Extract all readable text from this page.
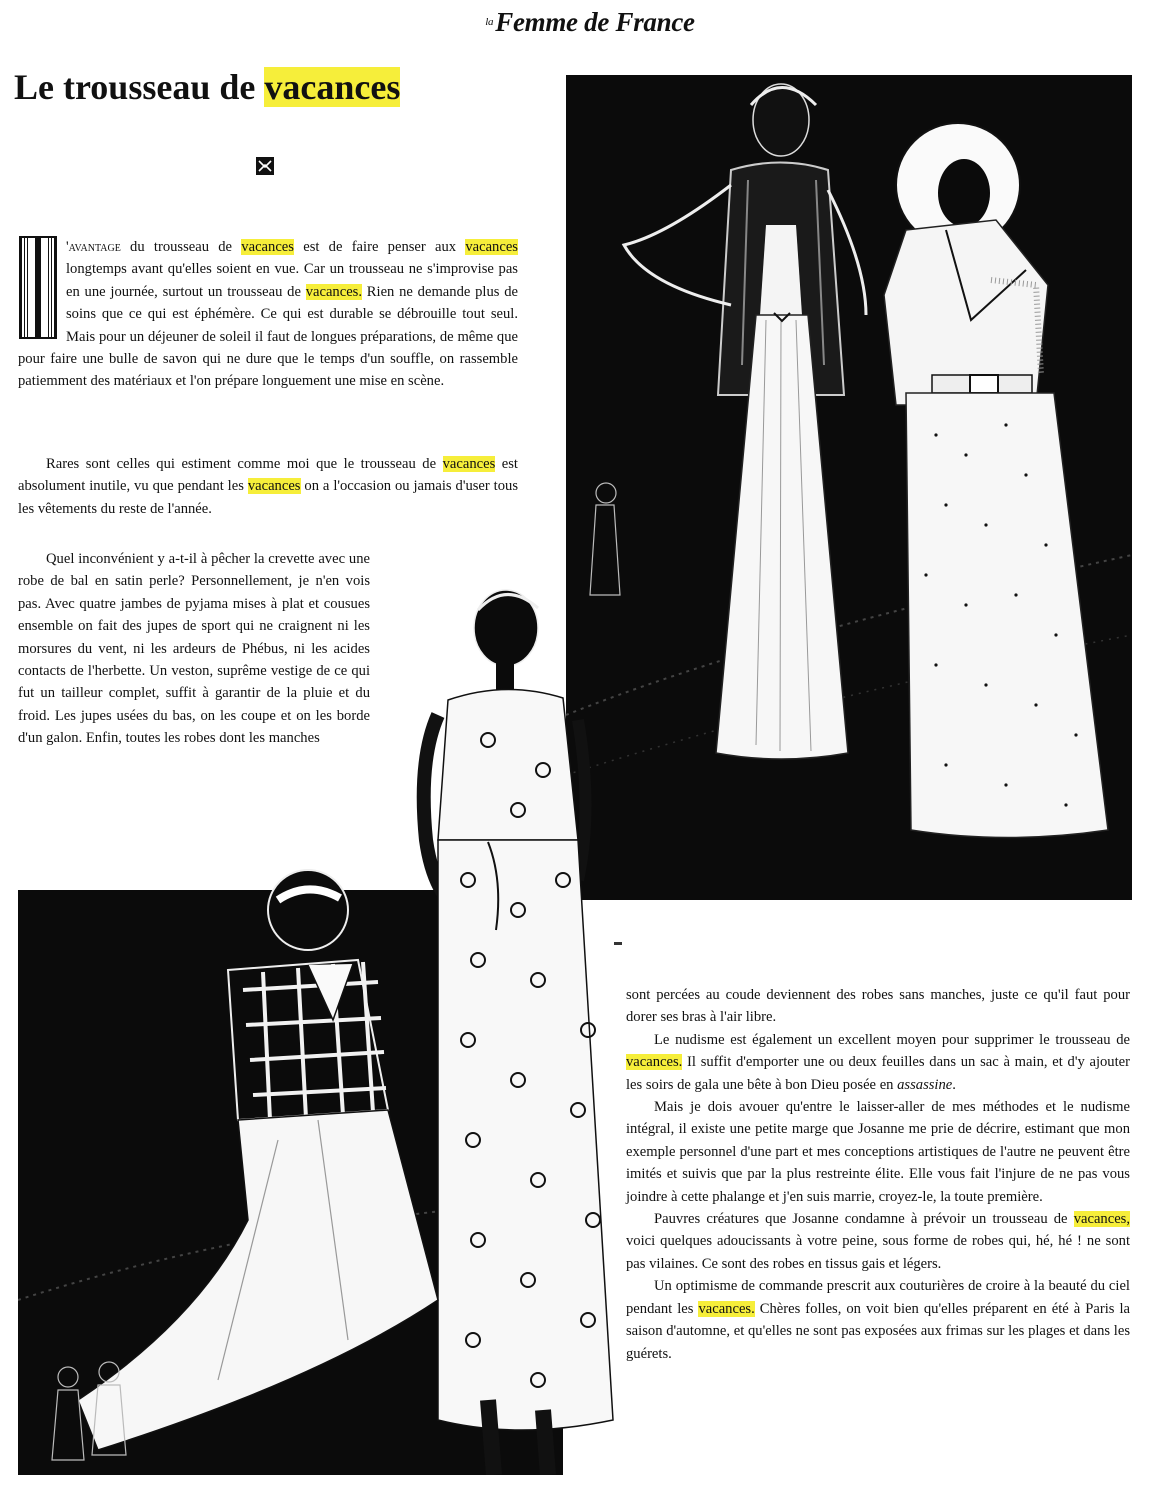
$^{la}$Femme de France
Le trousseau de vacances

'avantage du trousseau de vacances est de faire penser aux vacances longtemps avant qu'elles soient en vue. Car un trousseau ne s'improvise pas en une journée, surtout un trousseau de vacances. Rien ne demande plus de soins que ce qui est éphémère. Ce qui est durable se débrouille tout seul. Mais pour un déjeuner de soleil il faut de longues préparations, de même que pour faire une bulle de savon qui ne dure que le temps d'un souffle, on rassemble patiemment des matériaux et l'on prépare longuement une mise en scène.

Rares sont celles qui estiment comme moi que le trousseau de vacances est absolument inutile, vu que pendant les vacances on a l'occasion ou jamais d'user tous les vêtements du reste de l'année.

Quel inconvénient y a-t-il à pêcher la crevette avec une robe de bal en satin perle? Personnellement, je n'en vois pas. Avec quatre jambes de pyjama mises à plat et cousues ensemble on fait des jupes de sport qui ne craignent ni les morsures du vent, ni les ardeurs de Phébus, ni les acides contacts de l'herbette. Un veston, suprême vestige de ce qui fut un tailleur complet, suffit à garantir de la pluie et du froid. Les jupes usées du bas, on les coupe et on les borde d'un galon. Enfin, toutes les robes dont les manches

sont percées au coude deviennent des robes sans manches, juste ce qu'il faut pour dorer ses bras à l'air libre.

Le nudisme est également un excellent moyen pour supprimer le trousseau de vacances. Il suffit d'emporter une ou deux feuilles dans un sac à main, et d'y ajouter les soirs de gala une bête à bon Dieu posée en assassine.

Mais je dois avouer qu'entre le laisser-aller de mes méthodes et le nudisme intégral, il existe une petite marge que Josanne me prie de décrire, estimant que mon exemple personnel d'une part et mes conceptions artistiques de l'autre ne peuvent être imités et suivis que par la plus restreinte élite. Elle vous fait l'injure de ne pas vous joindre à cette phalange et j'en suis marrie, croyez-le, la toute première.

Pauvres créatures que Josanne condamne à prévoir un trousseau de vacances, voici quelques adoucissants à votre peine, sous forme de robes qui, hé, hé ! ne sont pas vilaines. Ce sont des robes en tissus gais et légers.

Un optimisme de commande prescrit aux couturières de croire à la beauté du ciel pendant les vacances. Chères folles, on voit bien qu'elles préparent en été à Paris la saison d'automne, et qu'elles ne sont pas exposées aux frimas sur les plages et dans les guérets.
